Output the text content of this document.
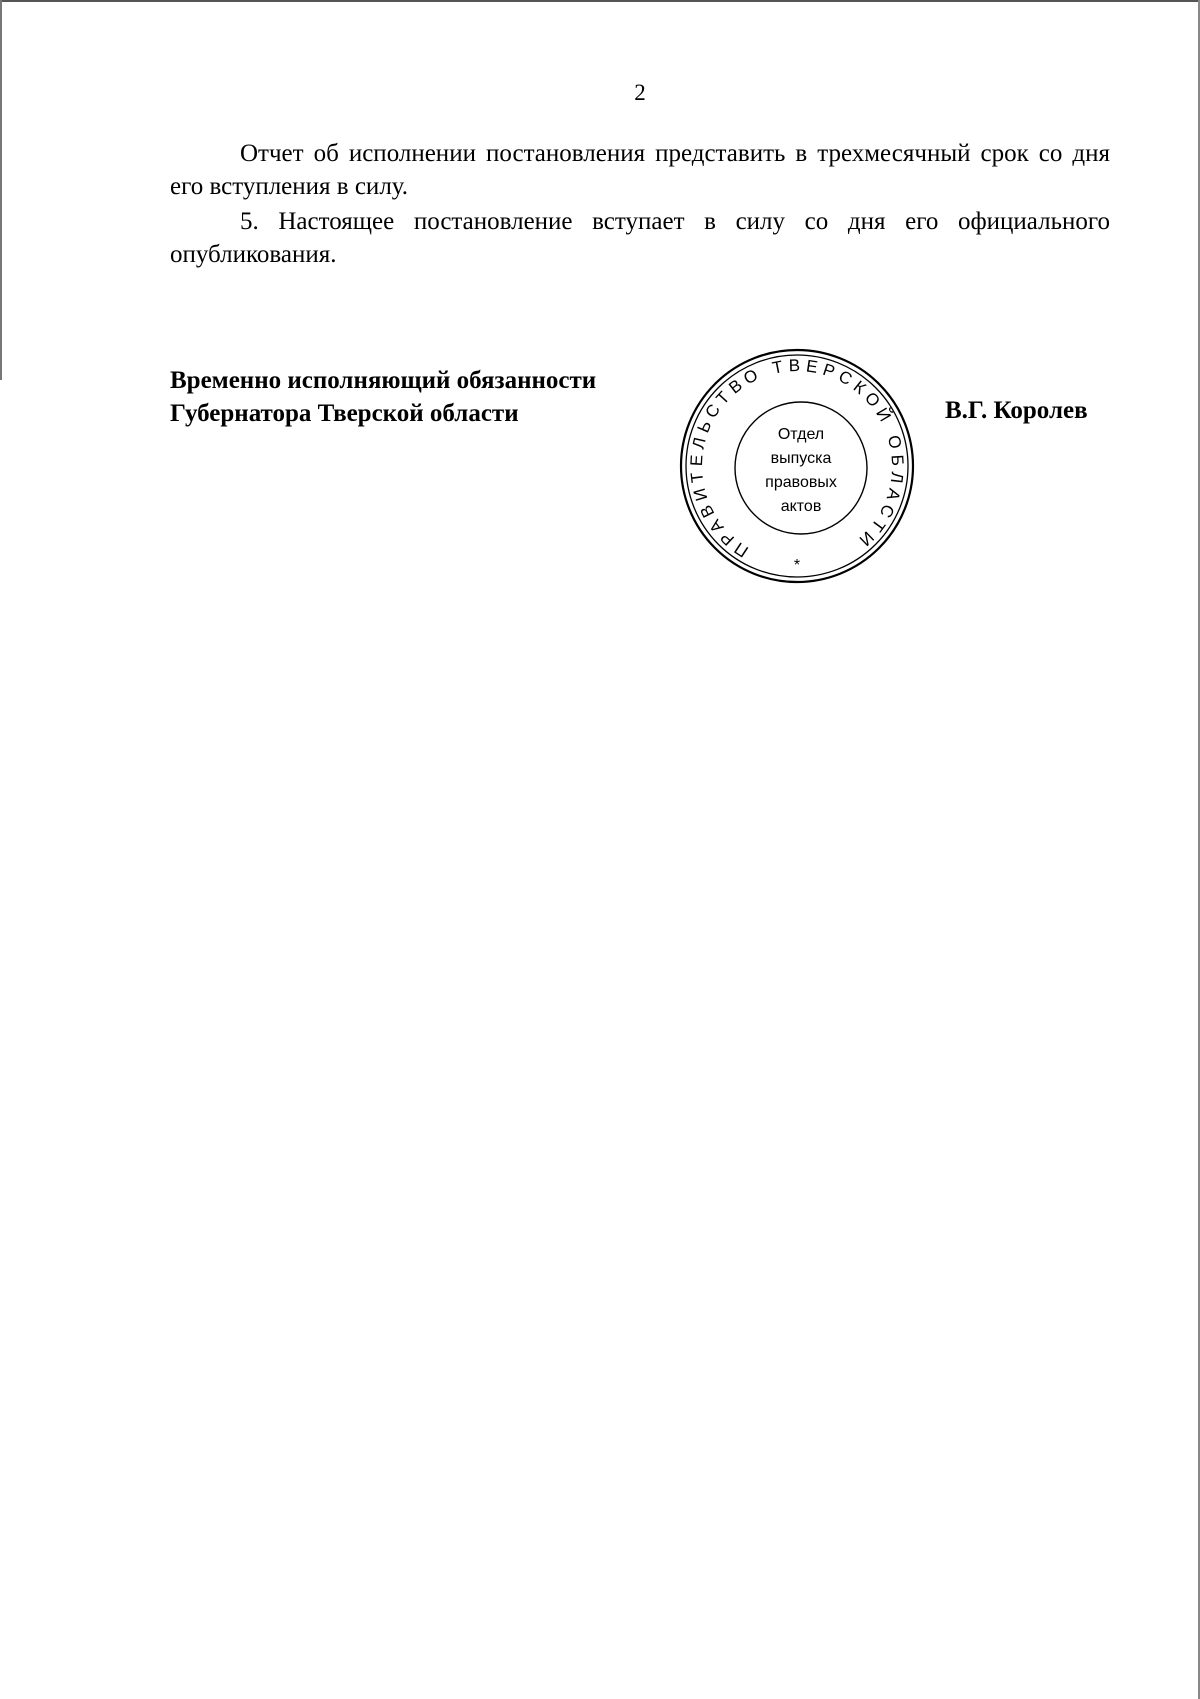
2
Отчет об исполнении постановления представить в трехмесячный срок со дня его вступления в силу.
5. Настоящее постановление вступает в силу со дня его официального опубликования.
Временно исполняющий обязанности
Губернатора Тверской области
ПРАВИТЕЛЬСТВО ТВЕРСКОЙ ОБЛАСТИ
Отдел
выпуска
правовых
актов
*
В.Г. Королев
